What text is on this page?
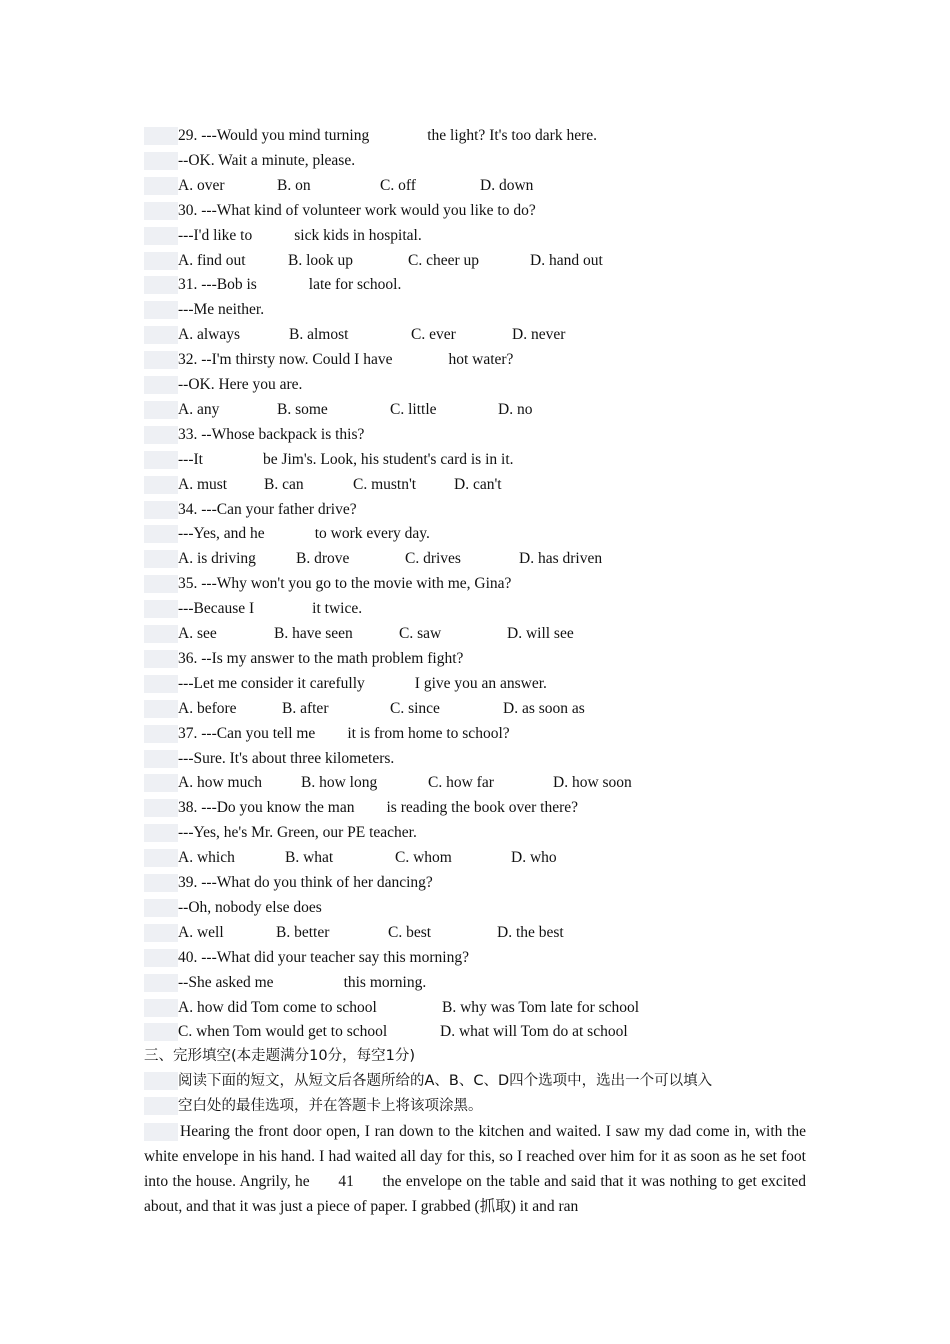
29. ---Would you mind turning	the light? It's too dark here.
--OK. Wait a minute, please.
A. over	B. on	C. off	D. down
30. ---What kind of volunteer work would you like to do?
---I'd like to	sick kids in hospital.
A. find out	B. look up	C. cheer up	D. hand out
31. ---Bob is	late for school.
---Me neither.
A. always	B. almost	C. ever	D. never
32. --I'm thirsty now. Could I have	hot water?
--OK. Here you are.
A. any	B. some	C. little	D. no
33. --Whose backpack is this?
---It	be Jim's. Look, his student's card is in it.
A. must B. can	C. mustn't D. can't
34. ---Can your father drive?
---Yes, and he	to work every day.
A. is driving	B. drove	C. drives	D. has driven
35. ---Why won't you go to the movie with me, Gina?
---Because I	it twice.
A. see	B. have seen	C. saw	D. will see
36. --Is my answer to the math problem fight?
---Let me consider it carefully	I give you an answer.
A. before	B. after	C. since	D. as soon as
37. ---Can you tell me it is from home to school?
---Sure. It's about three kilometers.
A. how much	B. how long	C. how far	D. how soon
38. ---Do you know the man is reading the book over there?
---Yes, he's Mr. Green, our PE teacher.
A. which	B. what	C. whom	D. who
39. ---What do you think of her dancing?
--Oh, nobody else does
A. well	B. better	C. best	D. the best
40. ---What did your teacher say this morning?
--She asked me	this morning.
A. how did Tom come to school	B. why was Tom late for school
C. when Tom would get to school	D. what will Tom do at school
三、完形填空(本走题满分10分，每空1分)
阅读下面的短文，从短文后各题所给的A、B、C、D四个选项中，选出一个可以填入
空白处的最佳选项，并在答题卡上将该项涂黑。
Hearing the front door open, I ran down to the kitchen and waited. I saw my dad come in, with the white envelope in his hand. I had waited all day for this, so I reached over him for it as soon as he set foot into the house. Angrily, he 41 the envelope on the table and said that it was nothing to get excited about, and that it was just a piece of paper. I grabbed (抓取) it and ran
